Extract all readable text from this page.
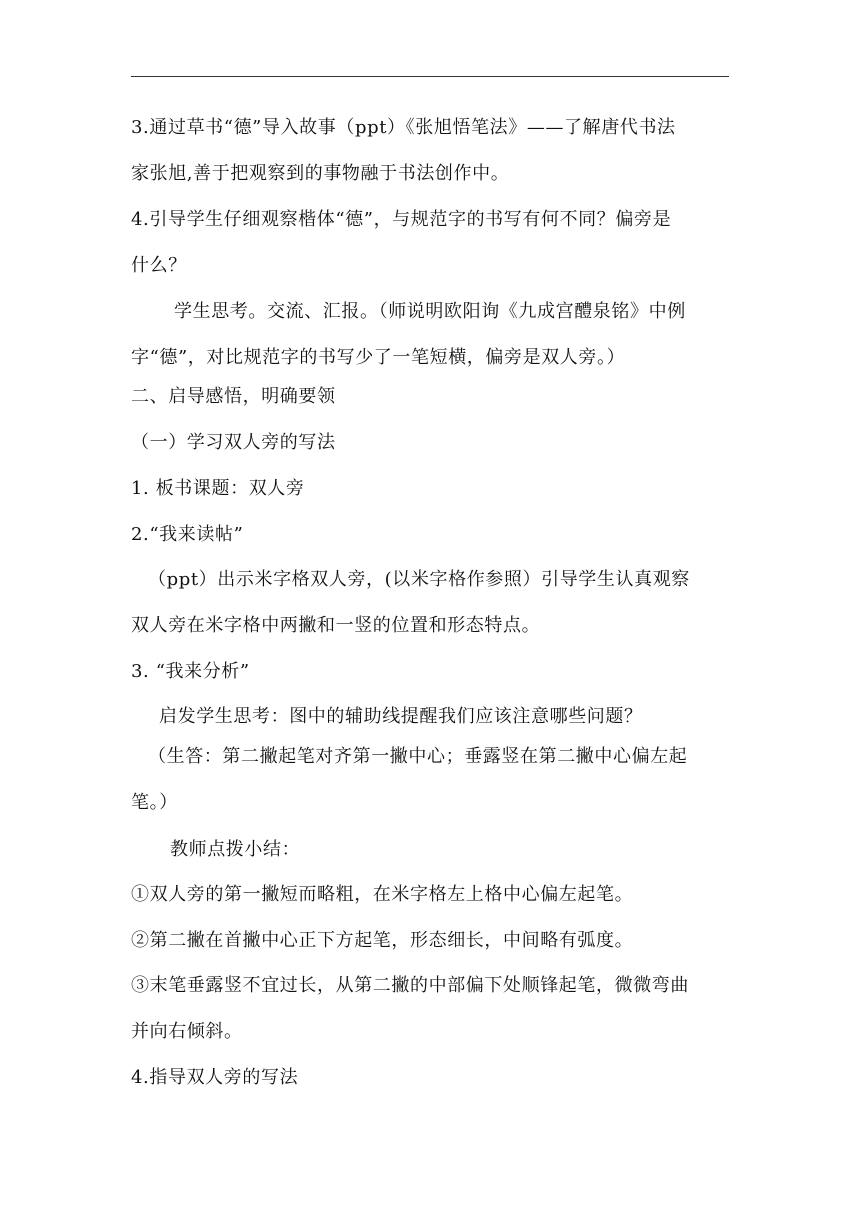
3.通过草书“德”导入故事（ppt）《张旭悟笔法》——了解唐代书法
家张旭,善于把观察到的事物融于书法创作中。
4.引导学生仔细观察楷体“德”，与规范字的书写有何不同？偏旁是
什么？
学生思考。交流、汇报。（师说明欧阳询《九成宫醴泉铭》中例
字“德”，对比规范字的书写少了一笔短横，偏旁是双人旁。）
二、启导感悟，明确要领
（一）学习双人旁的写法
1. 板书课题：双人旁
2.“我来读帖”
（ppt）出示米字格双人旁，(以米字格作参照）引导学生认真观察
双人旁在米字格中两撇和一竖的位置和形态特点。
3. “我来分析”
启发学生思考：图中的辅助线提醒我们应该注意哪些问题？
（生答：第二撇起笔对齐第一撇中心；垂露竖在第二撇中心偏左起
笔。）
教师点拨小结：
①双人旁的第一撇短而略粗，在米字格左上格中心偏左起笔。
②第二撇在首撇中心正下方起笔，形态细长，中间略有弧度。
③末笔垂露竖不宜过长，从第二撇的中部偏下处顺锋起笔，微微弯曲
并向右倾斜。
4.指导双人旁的写法
